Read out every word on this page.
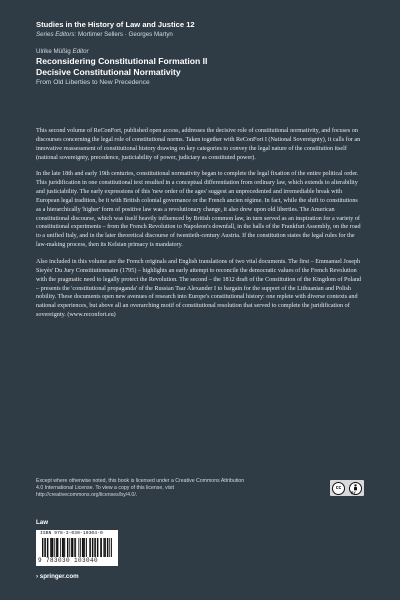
Studies in the History of Law and Justice 12
Series Editors: Mortimer Sellers · Georges Martyn
Ulrike Müßig Editor
Reconsidering Constitutional Formation II
Decisive Constitutional Normativity
From Old Liberties to New Precedence

This second volume of ReConFort, published open access, addresses the decisive role of constitutional normativity, and focuses on discourses concerning the legal role of constitutional norms. Taken together with ReConFort I (National Sovereignty), it calls for an innovative reassessment of constitutional history drawing on key categories to convey the legal nature of the constitution itself (national sovereignty, precedence, justiciability of power, judiciary as constituted power).

In the late 18th and early 19th centuries, constitutional normativity began to complete the legal fixation of the entire political order. This juridification in one constitutional text resulted in a conceptual differentiation from ordinary law, which extends to alterability and justiciability. The early expressions of this 'new order of the ages' suggest an unprecedented and irremediable break with European legal tradition, be it with British colonial governance or the French ancien régime. In fact, while the shift to constitutions as a hierarchically 'higher' form of positive law was a revolutionary change, it also drew upon old liberties. The American constitutional discourse, which was itself heavily influenced by British common law, in turn served as an inspiration for a variety of constitutional experiments – from the French Revolution to Napoleon's downfall, in the halls of the Frankfurt Assembly, on the road to a unified Italy, and in the later theoretical discourse of twentieth-century Austria. If the constitution states the legal rules for the law-making process, then its Kelsian primacy is mandatory.

Also included in this volume are the French originals and English translations of two vital documents. The first – Emmanuel Joseph Sieyès' Du Jury Constitutionnaire (1795) – highlights an early attempt to reconcile the democratic values of the French Revolution with the pragmatic need to legally protect the Revolution. The second – the 1812 draft of the Constitution of the Kingdom of Poland – presents the 'constitutional propaganda' of the Russian Tsar Alexander I to bargain for the support of the Lithuanian and Polish nobility. These documents open new avenues of research into Europe's constitutional history: one replete with diverse contexts and national experiences, but above all an overarching motif of constitutional resolution that served to complete the juridification of sovereignty. (www.reconfort.eu)

Except where otherwise noted, this book is licensed under a Creative Commons Attribution 4.0 International License. To view a copy of this license, visit http://creativecommons.org/licenses/by/4.0/.
cc
BY
Law
ISBN 978-3-030-10304-0
9 783030 103040
› springer.com
